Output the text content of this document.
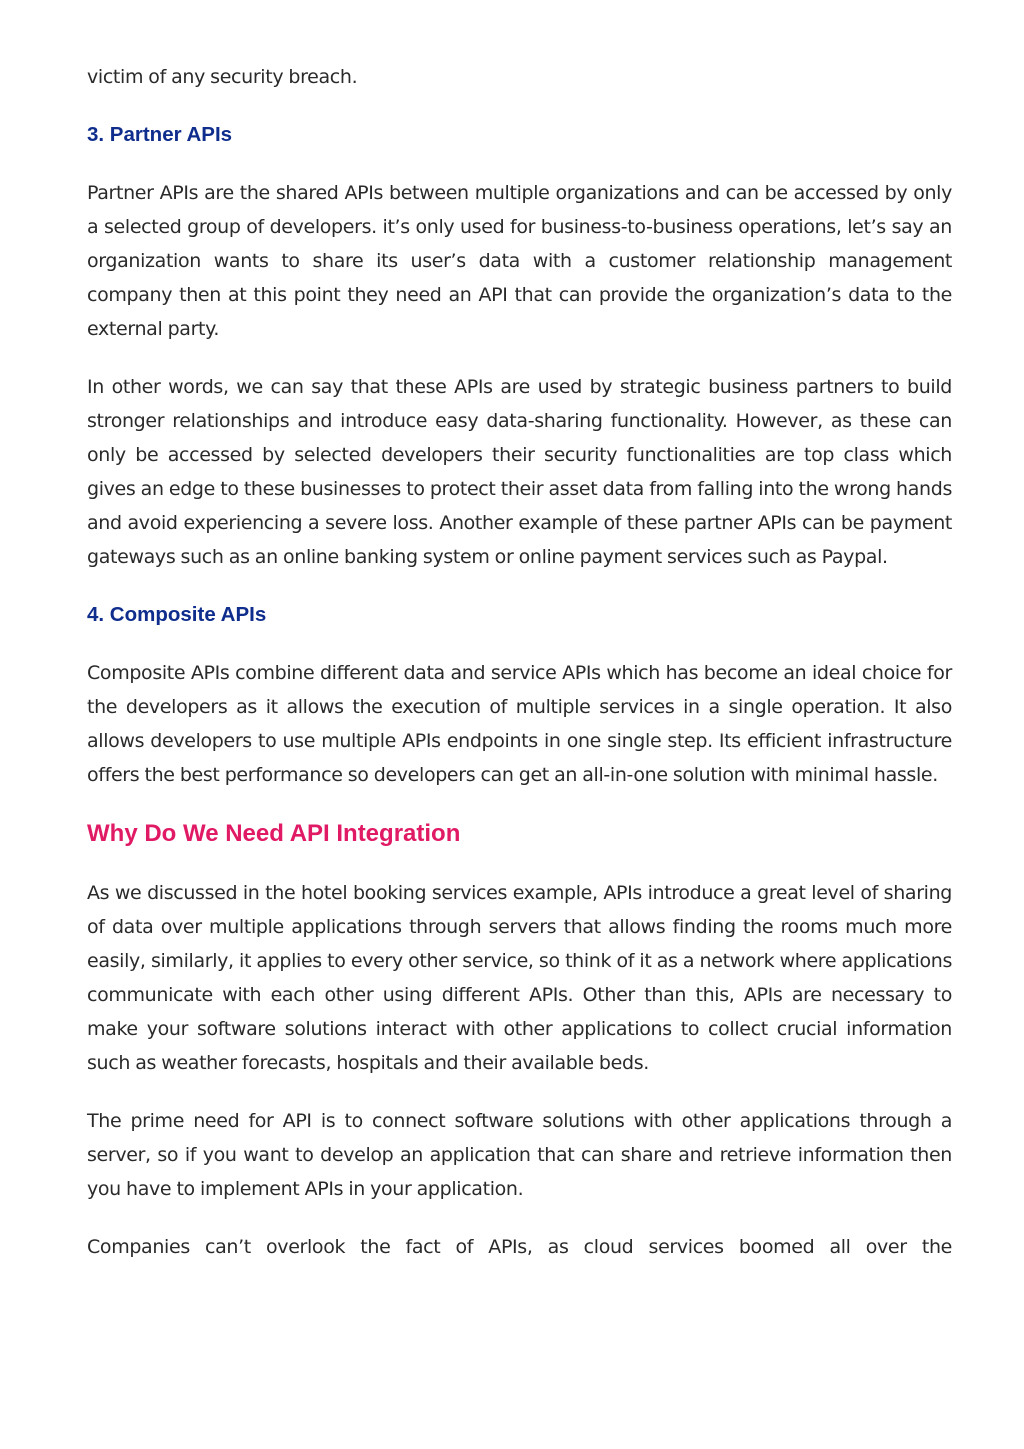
victim of any security breach.

3. Partner APIs

Partner APIs are the shared APIs between multiple organizations and can be accessed by only a selected group of developers. it’s only used for business-to-business operations, let’s say an organization wants to share its user’s data with a customer relationship management company then at this point they need an API that can provide the organization’s data to the external party.

In other words, we can say that these APIs are used by strategic business partners to build stronger relationships and introduce easy data-sharing functionality. However, as these can only be accessed by selected developers their security functionalities are top class which gives an edge to these businesses to protect their asset data from falling into the wrong hands and avoid experiencing a severe loss. Another example of these partner APIs can be payment gateways such as an online banking system or online payment services such as Paypal.

4. Composite APIs

Composite APIs combine different data and service APIs which has become an ideal choice for the developers as it allows the execution of multiple services in a single operation. It also allows developers to use multiple APIs endpoints in one single step. Its efficient infrastructure offers the best performance so developers can get an all-in-one solution with minimal hassle.

Why Do We Need API Integration

As we discussed in the hotel booking services example, APIs introduce a great level of sharing of data over multiple applications through servers that allows finding the rooms much more easily, similarly, it applies to every other service, so think of it as a network where applications communicate with each other using different APIs. Other than this, APIs are necessary to make your software solutions interact with other applications to collect crucial information such as weather forecasts, hospitals and their available beds.

The prime need for API is to connect software solutions with other applications through a server, so if you want to develop an application that can share and retrieve information then you have to implement APIs in your application.

Companies can’t overlook the fact of APIs, as cloud services boomed all over the
